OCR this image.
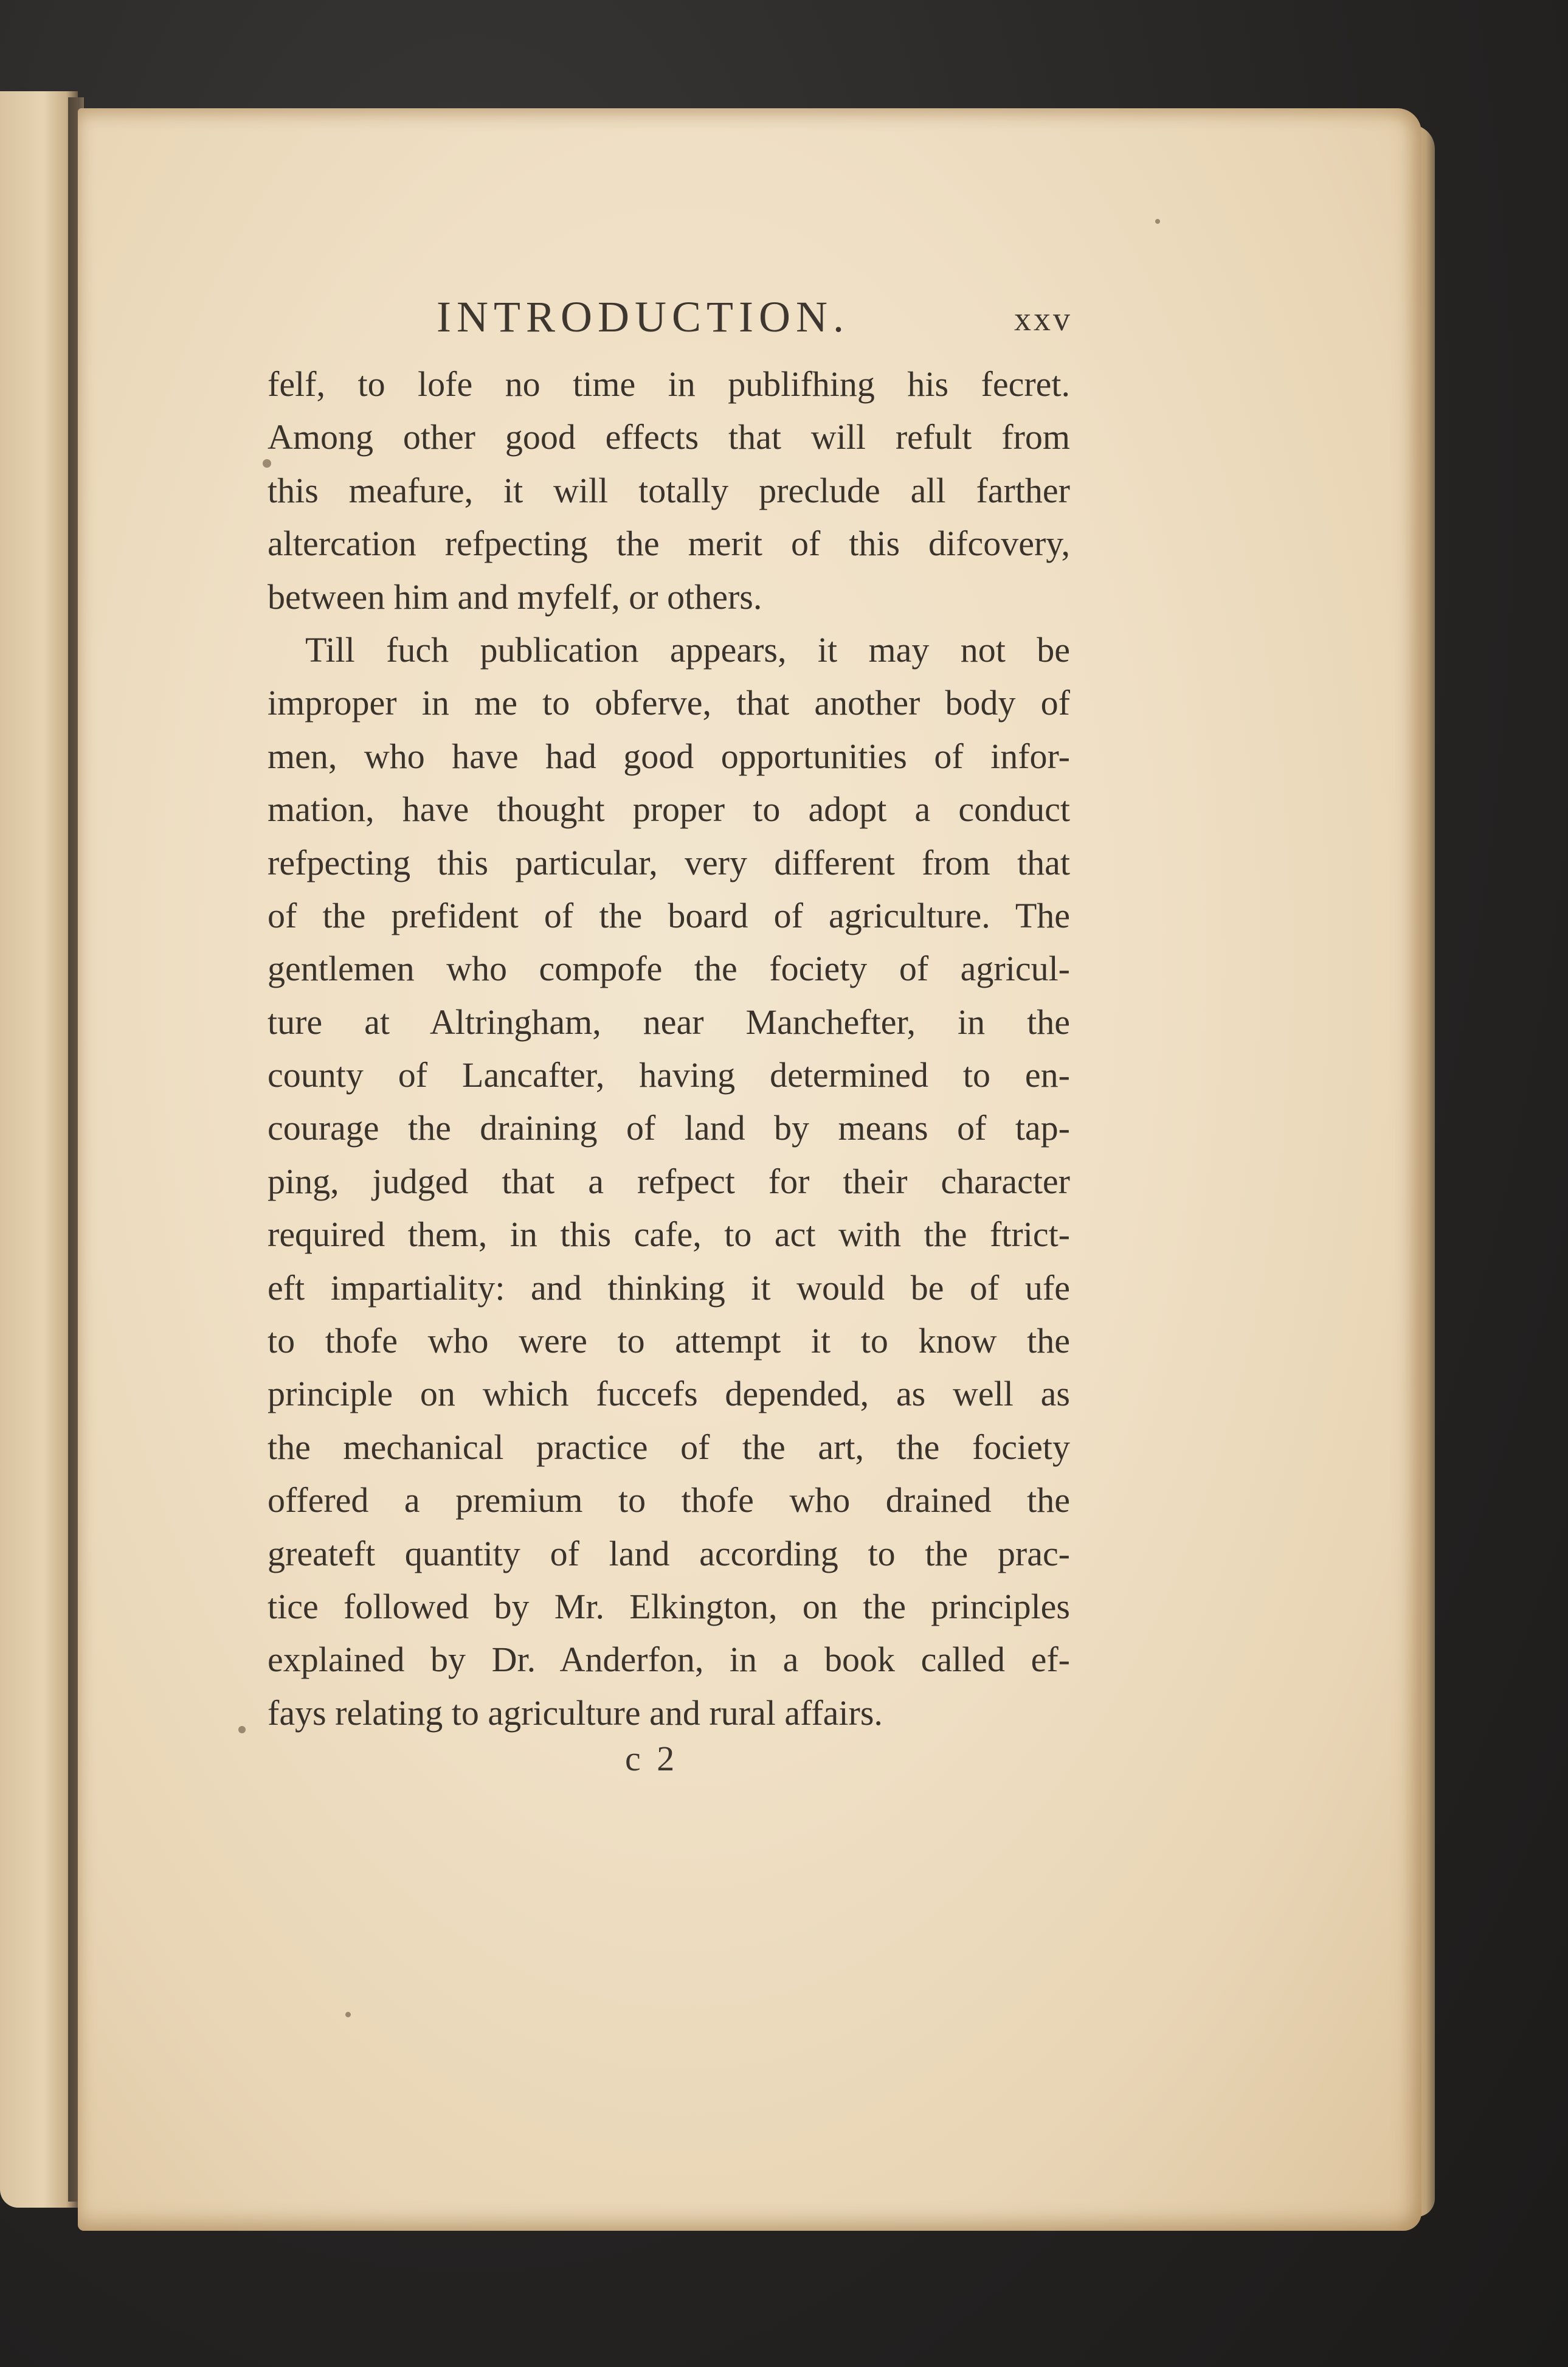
INTRODUCTION.	xxv
felf, to lofe no time in publifhing his fecret.
Among other good effects that will refult from
this meafure, it will totally preclude all farther
altercation refpecting the merit of this difcovery,
between him and myfelf, or others.
Till fuch publication appears, it may not be
improper in me to obferve, that another body of
men, who have had good opportunities of infor-
mation, have thought proper to adopt a conduct
refpecting this particular, very different from that
of the prefident of the board of agriculture. The
gentlemen who compofe the fociety of agricul-
ture at Altringham, near Manchefter, in the
county of Lancafter, having determined to en-
courage the draining of land by means of tap-
ping, judged that a refpect for their character
required them, in this cafe, to act with the ftrict-
eft impartiality: and thinking it would be of ufe
to thofe who were to attempt it to know the
principle on which fuccefs depended, as well as
the mechanical practice of the art, the fociety
offered a premium to thofe who drained the
greateft quantity of land according to the prac-
tice followed by Mr. Elkington, on the principles
explained by Dr. Anderfon, in a book called ef-
fays relating to agriculture and rural affairs.
c 2
